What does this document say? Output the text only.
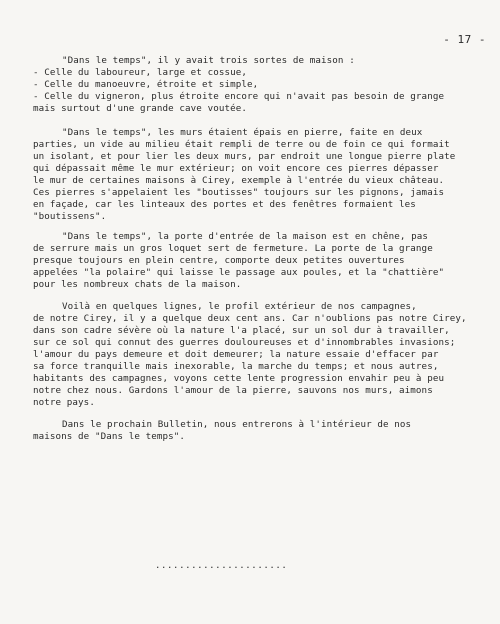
- 17 -
"Dans le temps", il y avait trois sortes de maison :
- Celle du laboureur, large et cossue,
- Celle du manoeuvre, étroite et simple,
- Celle du vigneron, plus étroite encore qui n'avait pas besoin de grange
mais surtout d'une grande cave voutée.
"Dans le temps", les murs étaient épais en pierre, faite en deux
parties, un vide au milieu était rempli de terre ou de foin ce qui formait
un isolant, et pour lier les deux murs, par endroit une longue pierre plate
qui dépassait même le mur extérieur; on voit encore ces pierres dépasser
le mur de certaines maisons à Cirey, exemple à l'entrée du vieux château.
Ces pierres s'appelaient les "boutisses" toujours sur les pignons, jamais
en façade, car les linteaux des portes et des fenêtres formaient les
"boutissens".
"Dans le temps", la porte d'entrée de la maison est en chêne, pas
de serrure mais un gros loquet sert de fermeture. La porte de la grange
presque toujours en plein centre, comporte deux petites ouvertures
appelées "la polaire" qui laisse le passage aux poules, et la "chattière"
pour les nombreux chats de la maison.
Voilà en quelques lignes, le profil extérieur de nos campagnes,
de notre Cirey, il y a quelque deux cent ans. Car n'oublions pas notre Cirey,
dans son cadre sévère où la nature l'a placé, sur un sol dur à travailler,
sur ce sol qui connut des guerres douloureuses et d'innombrables invasions;
l'amour du pays demeure et doit demeurer; la nature essaie d'effacer par
sa force tranquille mais inexorable, la marche du temps; et nous autres,
habitants des campagnes, voyons cette lente progression envahir peu à peu
notre chez nous. Gardons l'amour de la pierre, sauvons nos murs, aimons
notre pays.
Dans le prochain Bulletin, nous entrerons à l'intérieur de nos
maisons de "Dans le temps".
......................
